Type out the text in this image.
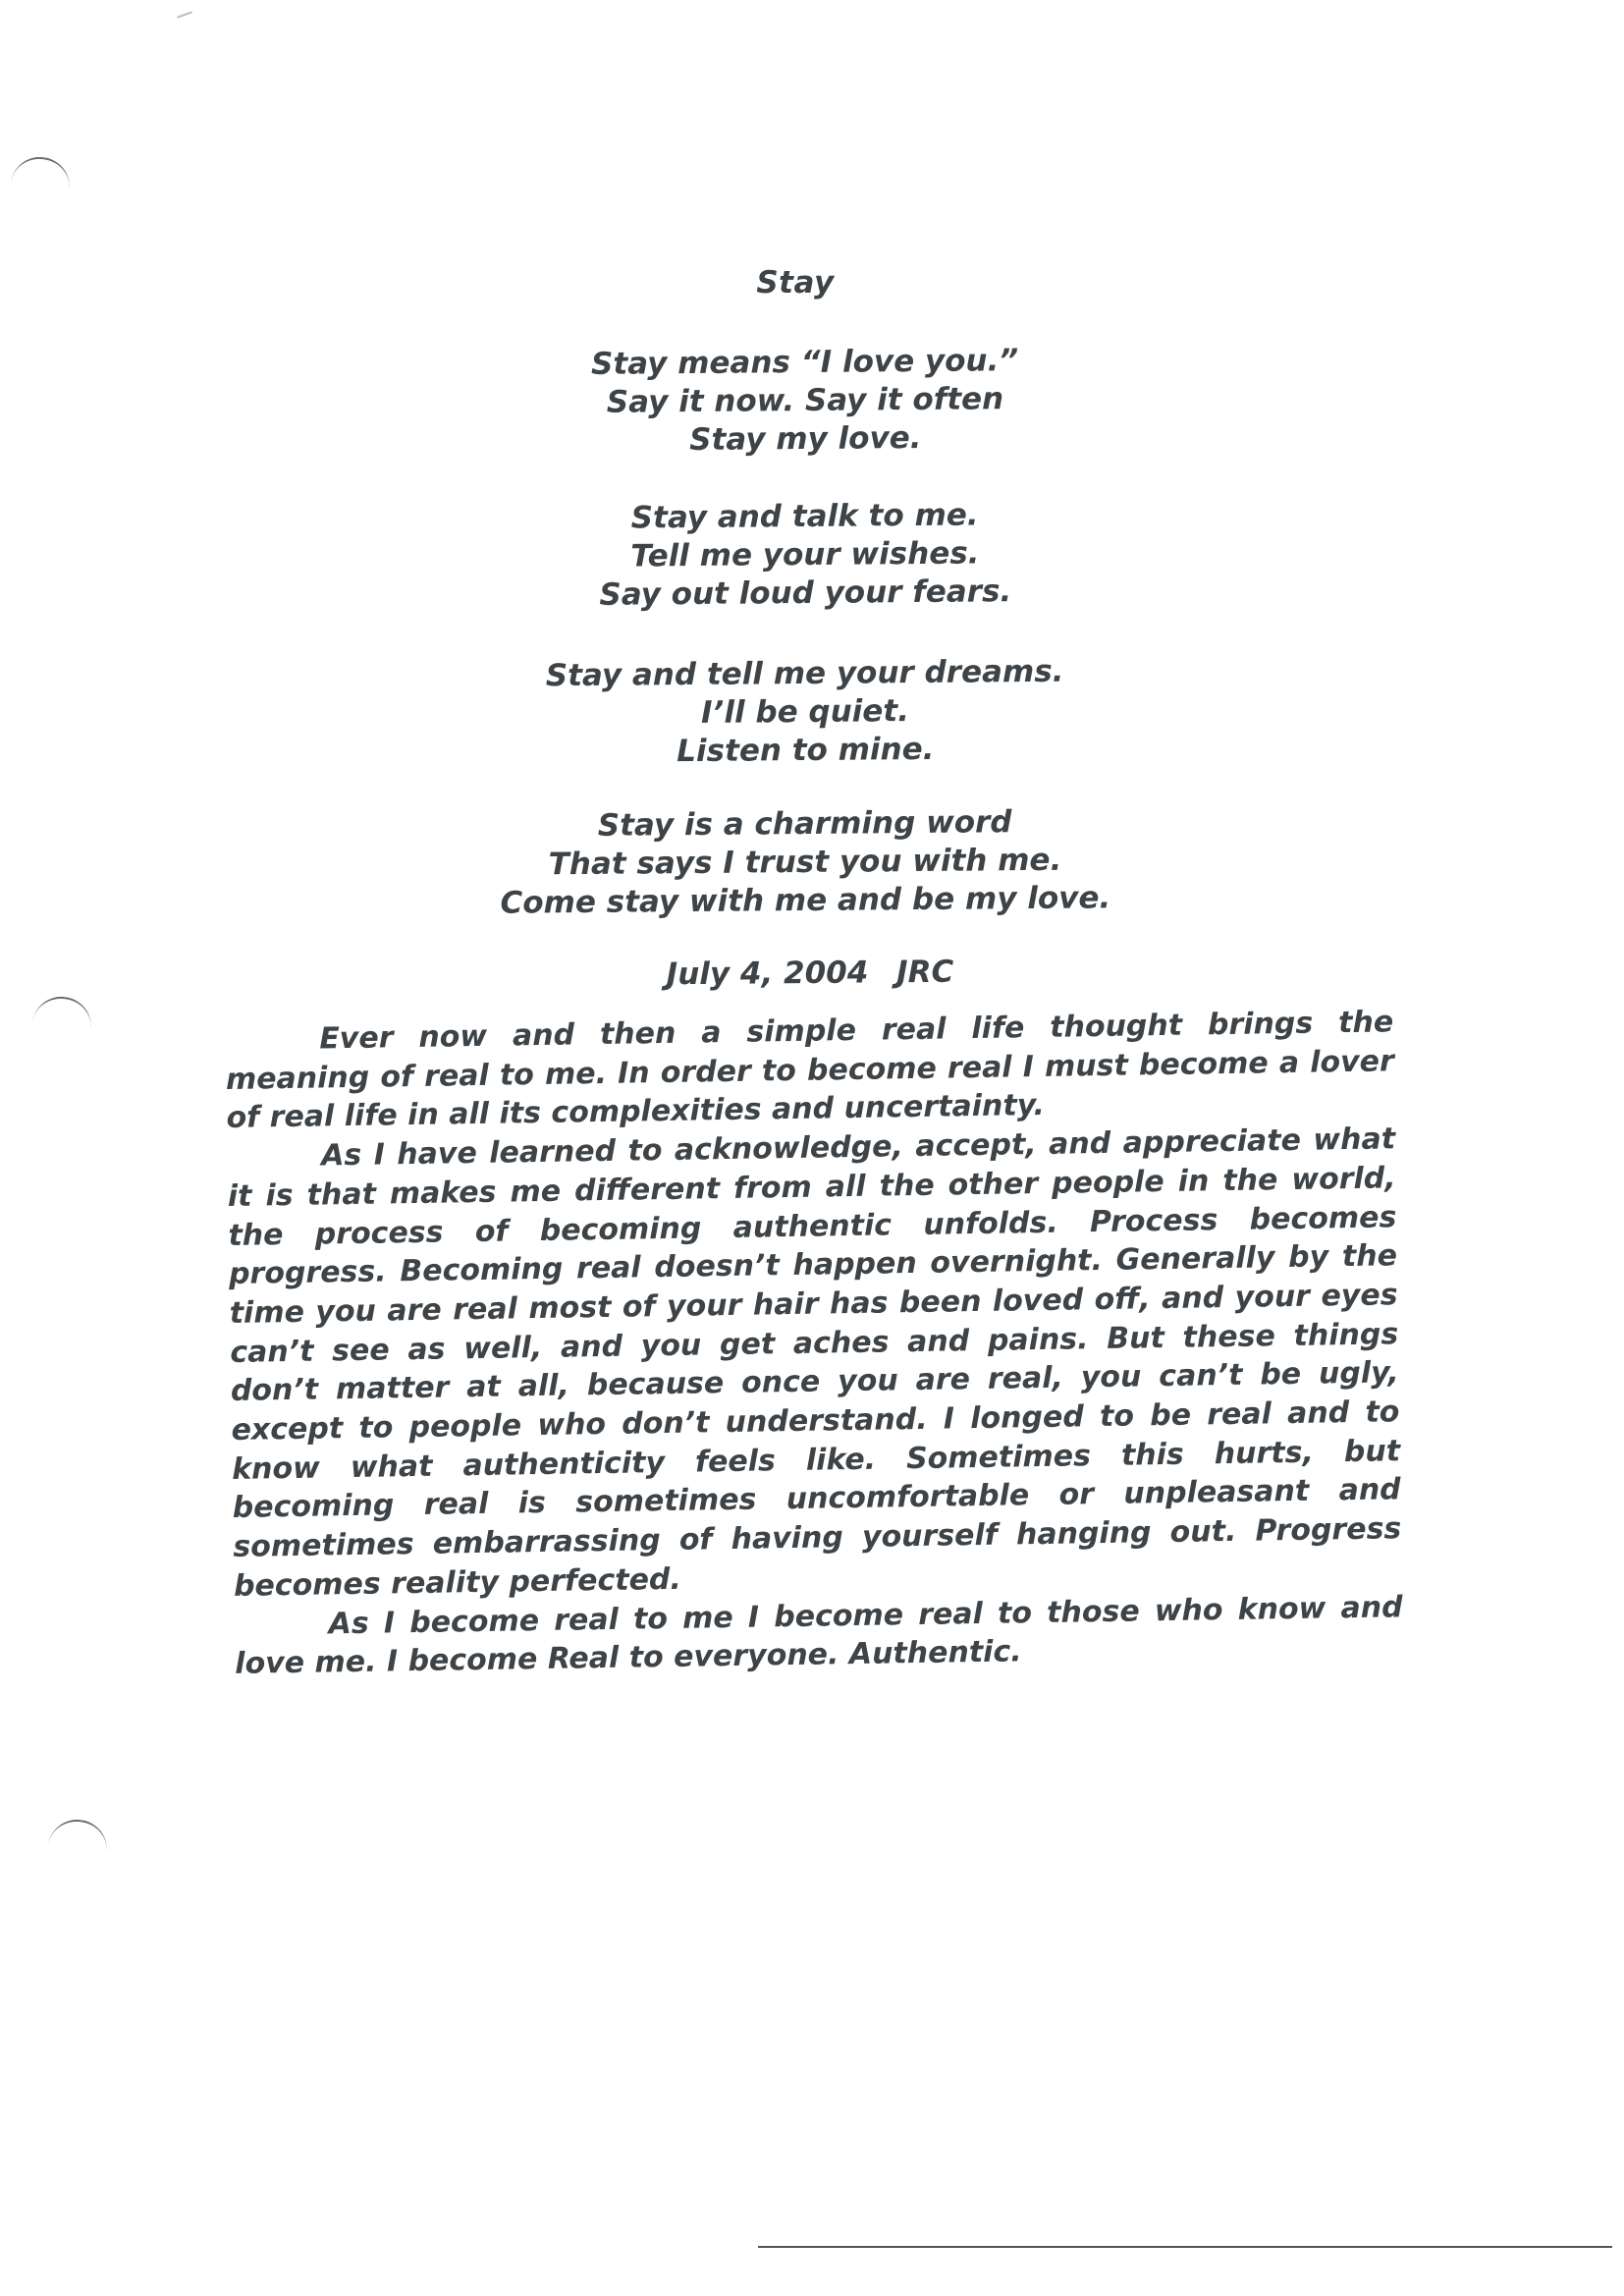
Stay
Stay means “I love you.”
Say it now. Say it often
Stay my love.
Stay and talk to me.
Tell me your wishes.
Say out loud your fears.
Stay and tell me your dreams.
I’ll be quiet.
Listen to mine.
Stay is a charming word
That says I trust you with me.
Come stay with me and be my love.
July 4, 2004 JRC

Ever now and then a simple real life thought brings the meaning of real to me. In order to become real I must become a lover of real life in all its complexities and uncertainty.

As I have learned to acknowledge, accept, and appreciate what it is that makes me different from all the other people in the world, the process of becoming authentic unfolds. Process becomes progress. Becoming real doesn’t happen overnight. Generally by the time you are real most of your hair has been loved off, and your eyes can’t see as well, and you get aches and pains. But these things don’t matter at all, because once you are real, you can’t be ugly, except to people who don’t understand. I longed to be real and to know what authenticity feels like. Sometimes this hurts, but becoming real is sometimes uncomfortable or unpleasant and sometimes embarrassing of having yourself hanging out. Progress becomes reality perfected.

As I become real to me I become real to those who know and love me. I become Real to everyone. Authentic.
